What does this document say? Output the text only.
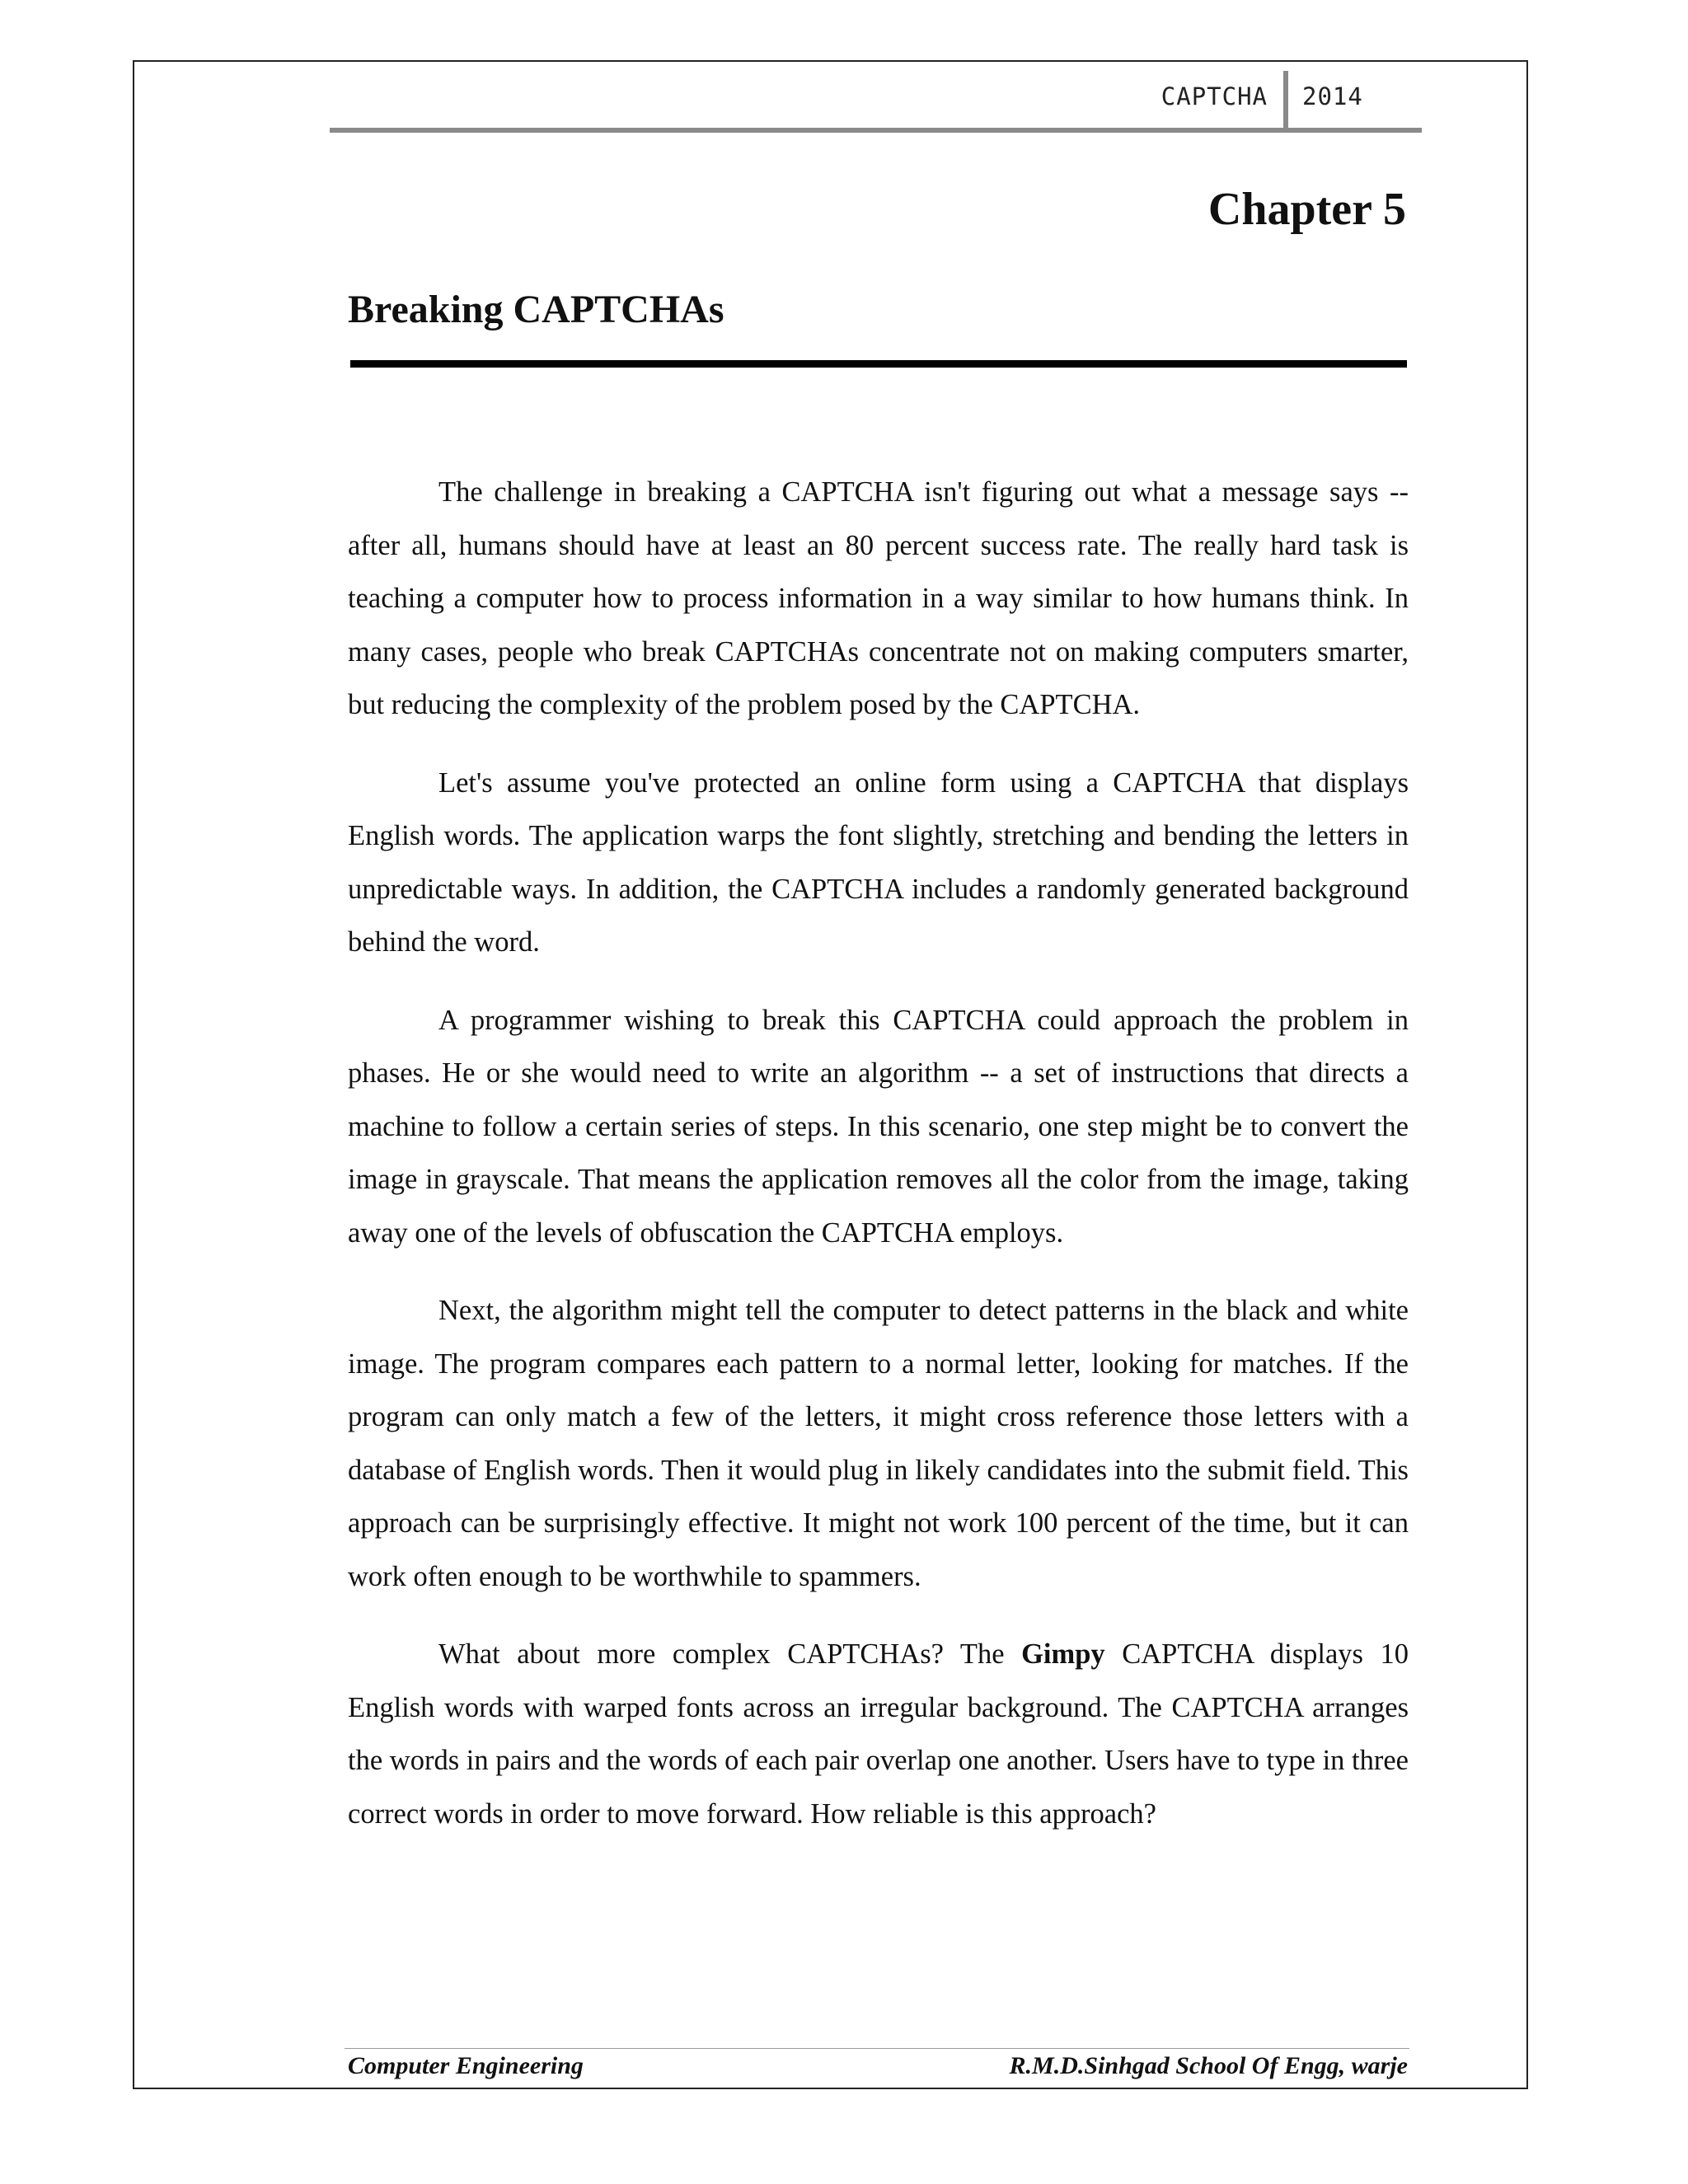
CAPTCHA 2014
Chapter 5
Breaking CAPTCHAs

The challenge in breaking a CAPTCHA isn't figuring out what a message says -- after all, humans should have at least an 80 percent success rate. The really hard task is teaching a computer how to process information in a way similar to how humans think. In many cases, people who break CAPTCHAs concentrate not on making computers smarter, but reducing the complexity of the problem posed by the CAPTCHA.

Let's assume you've protected an online form using a CAPTCHA that displays English words. The application warps the font slightly, stretching and bending the letters in unpredictable ways. In addition, the CAPTCHA includes a randomly generated background behind the word.

A programmer wishing to break this CAPTCHA could approach the problem in phases. He or she would need to write an algorithm -- a set of instructions that directs a machine to follow a certain series of steps. In this scenario, one step might be to convert the image in grayscale. That means the application removes all the color from the image, taking away one of the levels of obfuscation the CAPTCHA employs.

Next, the algorithm might tell the computer to detect patterns in the black and white image. The program compares each pattern to a normal letter, looking for matches. If the program can only match a few of the letters, it might cross reference those letters with a database of English words. Then it would plug in likely candidates into the submit field. This approach can be surprisingly effective. It might not work 100 percent of the time, but it can work often enough to be worthwhile to spammers.

What about more complex CAPTCHAs? The Gimpy CAPTCHA displays 10 English words with warped fonts across an irregular background. The CAPTCHA arranges the words in pairs and the words of each pair overlap one another. Users have to type in three correct words in order to move forward. How reliable is this approach?

Computer Engineering	R.M.D.Sinhgad School Of Engg, warje
